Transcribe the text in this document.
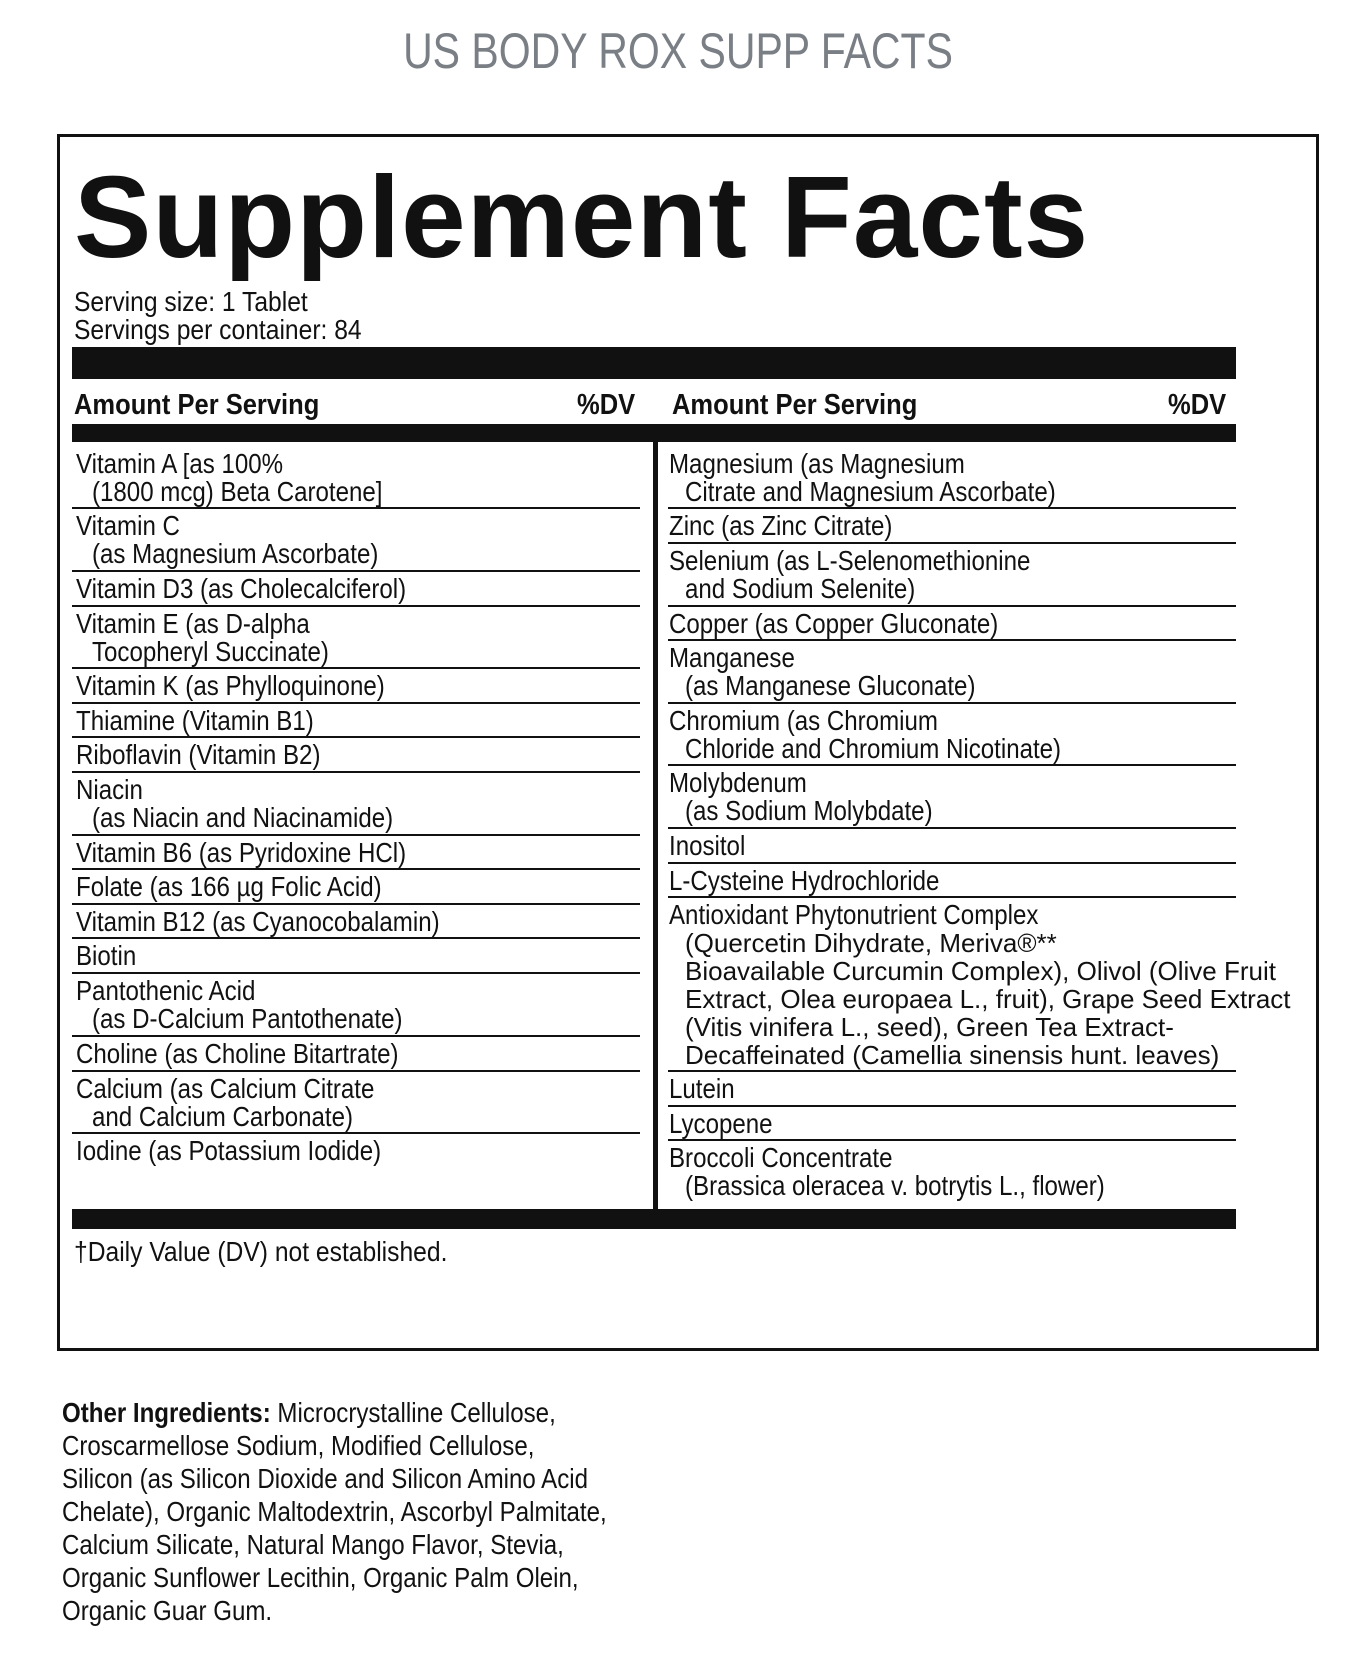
US BODY ROX SUPP FACTS
Supplement Facts
Serving size: 1 Tablet
Servings per container: 84
Amount Per Serving	%DV Amount Per Serving	%DV
Vitamin A [as 100%
(1800 mcg) Beta Carotene]
Vitamin C
(as Magnesium Ascorbate)
Vitamin D3 (as Cholecalciferol)
Vitamin E (as D-alpha
Tocopheryl Succinate)
Vitamin K (as Phylloquinone)
Thiamine (Vitamin B1)
Riboflavin (Vitamin B2)
Niacin
(as Niacin and Niacinamide)
Vitamin B6 (as Pyridoxine HCl)
Folate (as 166 µg Folic Acid)
Vitamin B12 (as Cyanocobalamin)
Biotin
Pantothenic Acid
(as D-Calcium Pantothenate)
Choline (as Choline Bitartrate)
Calcium (as Calcium Citrate
and Calcium Carbonate)
Iodine (as Potassium Iodide)
Magnesium (as Magnesium
Citrate and Magnesium Ascorbate)
Zinc (as Zinc Citrate)
Selenium (as L-Selenomethionine
and Sodium Selenite)
Copper (as Copper Gluconate)
Manganese
(as Manganese Gluconate)
Chromium (as Chromium
Chloride and Chromium Nicotinate)
Molybdenum
(as Sodium Molybdate)
Inositol
L-Cysteine Hydrochloride
Antioxidant Phytonutrient Complex
Lutein
Lycopene
Broccoli Concentrate
(Brassica oleracea v. botrytis L., flower)
(Quercetin Dihydrate, Meriva®**
Bioavailable Curcumin Complex), Olivol (Olive Fruit
Extract, Olea europaea L., fruit), Grape Seed Extract
(Vitis vinifera L., seed), Green Tea Extract-
Decaffeinated (Camellia sinensis hunt. leaves)
†Daily Value (DV) not established.
Other Ingredients: Microcrystalline Cellulose,
Croscarmellose Sodium, Modified Cellulose,
Silicon (as Silicon Dioxide and Silicon Amino Acid
Chelate), Organic Maltodextrin, Ascorbyl Palmitate,
Calcium Silicate, Natural Mango Flavor, Stevia,
Organic Sunflower Lecithin, Organic Palm Olein,
Organic Guar Gum.
